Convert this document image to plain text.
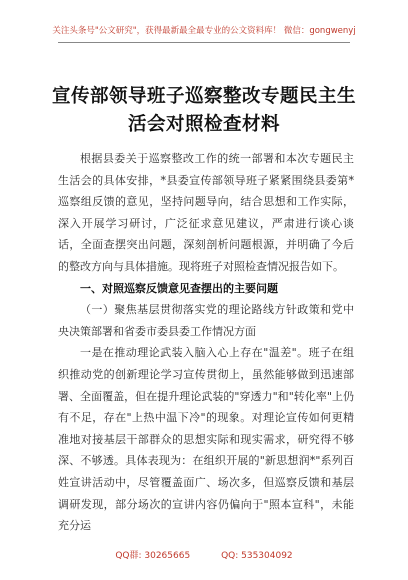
关注头条号"公文研究"，获得最新最全最专业的公文资料库！ 微信：gongwenyj
宣传部领导班子巡察整改专题民主生
活会对照检查材料

根据县委关于巡察整改工作的统一部署和本次专题民主生活会的具体安排，*县委宣传部领导班子紧紧围绕县委第*巡察组反馈的意见，坚持问题导向，结合思想和工作实际，深入开展学习研讨，广泛征求意见建议，严肃进行谈心谈话，全面查摆突出问题，深刻剖析问题根源，并明确了今后的整改方向与具体措施。现将班子对照检查情况报告如下。

一、对照巡察反馈意见查摆出的主要问题

（一）聚焦基层贯彻落实党的理论路线方针政策和党中央决策部署和省委市委县委工作情况方面

一是在推动理论武装入脑入心上存在"温差"。班子在组织推动党的创新理论学习宣传贯彻上，虽然能够做到迅速部署、全面覆盖，但在提升理论武装的"穿透力"和"转化率"上仍有不足，存在"上热中温下冷"的现象。对理论宣传如何更精准地对接基层干部群众的思想实际和现实需求，研究得不够深、不够透。具体表现为：在组织开展的"新思想润*"系列百姓宣讲活动中，尽管覆盖面广、场次多，但巡察反馈和基层调研发现，部分场次的宣讲内容仍偏向于"照本宣科"，未能充分运

QQ群: 30265665	QQ: 535304092
